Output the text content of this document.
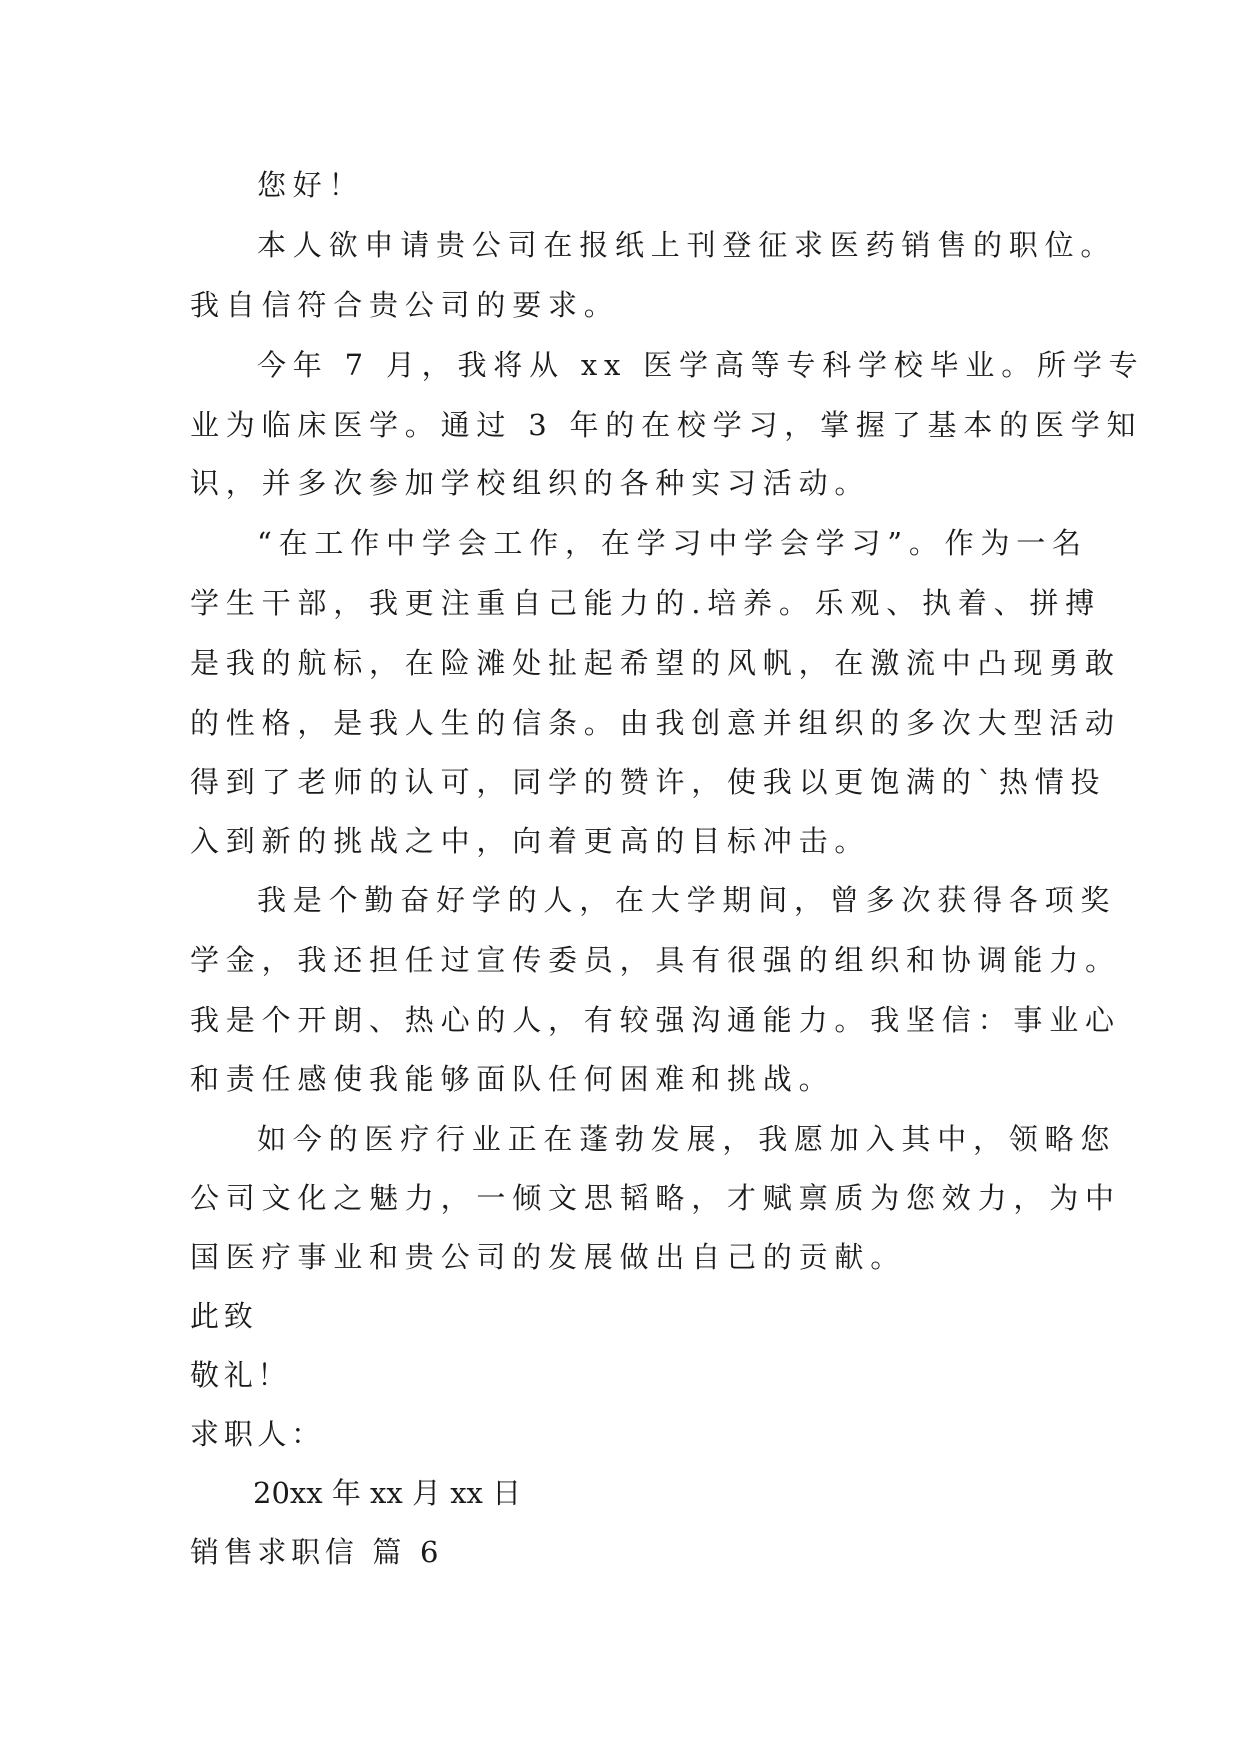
您好！
本人欲申请贵公司在报纸上刊登征求医药销售的职位。
我自信符合贵公司的要求。
今年 7 月，我将从 xx 医学高等专科学校毕业。所学专
业为临床医学。通过 3 年的在校学习，掌握了基本的医学知
识，并多次参加学校组织的各种实习活动。
“在工作中学会工作，在学习中学会学习”。作为一名
学生干部，我更注重自己能力的.培养。乐观、执着、拼搏
是我的航标，在险滩处扯起希望的风帆，在激流中凸现勇敢
的性格，是我人生的信条。由我创意并组织的多次大型活动
得到了老师的认可，同学的赞许，使我以更饱满的`热情投
入到新的挑战之中，向着更高的目标冲击。
我是个勤奋好学的人，在大学期间，曾多次获得各项奖
学金，我还担任过宣传委员，具有很强的组织和协调能力。
我是个开朗、热心的人，有较强沟通能力。我坚信：事业心
和责任感使我能够面队任何困难和挑战。
如今的医疗行业正在蓬勃发展，我愿加入其中，领略您
公司文化之魅力，一倾文思韬略，才赋禀质为您效力，为中
国医疗事业和贵公司的发展做出自己的贡献。
此致
敬礼！
求职人：
20xx 年 xx 月 xx 日
销售求职信 篇 6
